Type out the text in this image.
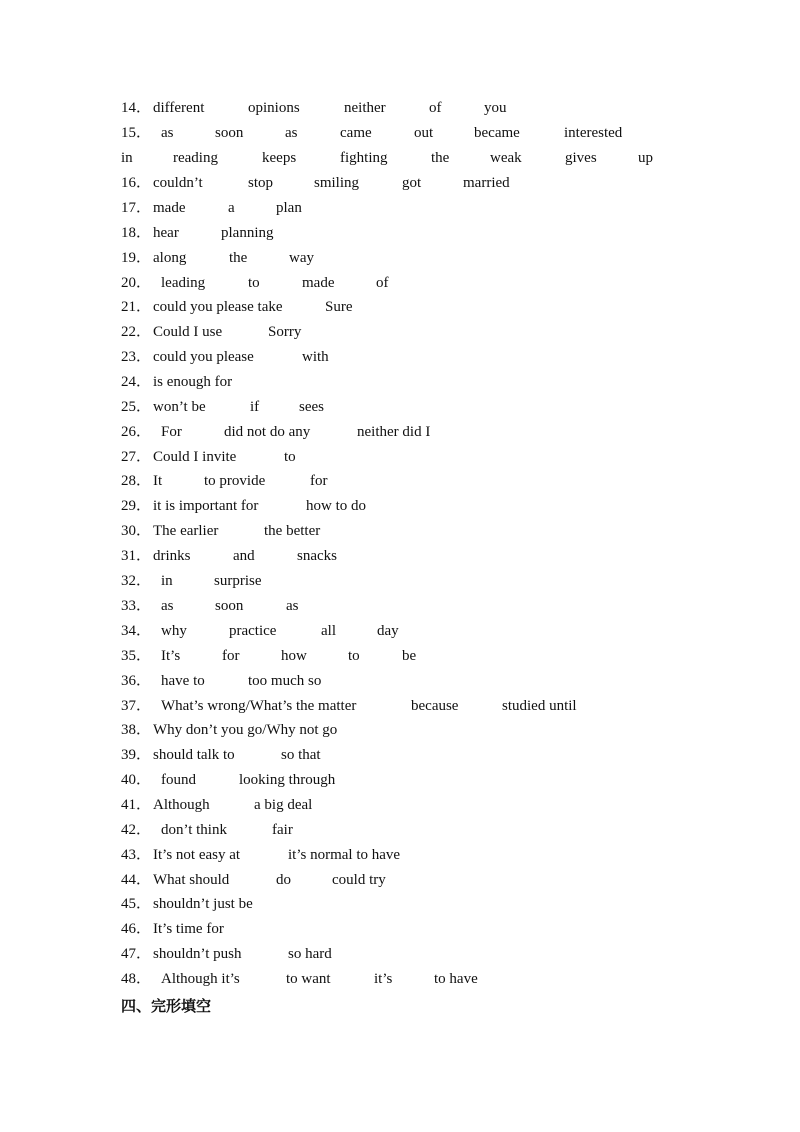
14． different	opinions	neither	of	you
15． as	soon	as	came	out	became	interested
in	reading	keeps	fighting	the	weak	gives	up
16． couldn’t	stop	smiling	got	married
17． made	a	plan
18． hear	planning
19． along	the	way
20． leading	to	made	of
21． could you please take	Sure
22． Could I use	Sorry
23． could you please	with
24． is enough for
25． won’t be	if	sees
26． For	did not do any	neither did I
27． Could I invite	to
28． It	to provide	for
29． it is important for	how to do
30． The earlier	the better
31． drinks	and	snacks
32． in	surprise
33． as	soon	as
34． why	practice	all	day
35． It’s	for	how	to	be
36． have to	too much so
37． What’s wrong/What’s the matter	because	studied until
38． Why don’t you go/Why not go
39． should talk to	so that
40． found	looking through
41． Although	a big deal
42． don’t think	fair
43． It’s not easy at	it’s normal to have
44． What should	do	could try
45． shouldn’t just be
46． It’s time for
47． shouldn’t push	so hard
48． Although it’s	to want	it’s	to have
四、完形填空
